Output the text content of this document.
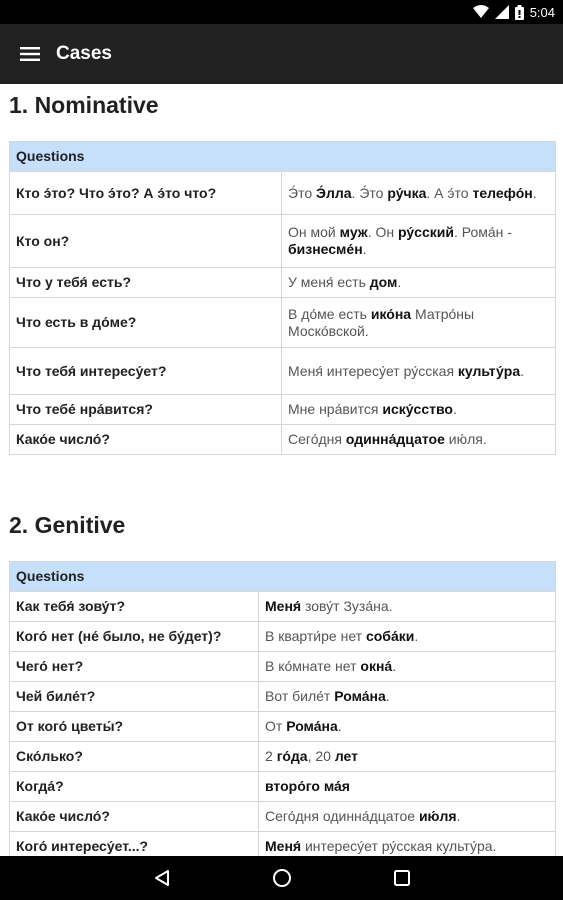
5:04
Cases
1. Nominative
Questions	
Кто э́то? Что э́то? А э́то что?	Э́то Э́лла. Э́то ру́чка. А э́то телефо́н.
Кто он?	Он мой муж. Он ру́сский. Рома́н - бизнесме́н.
Что у тебя́ есть?	У меня́ есть дом.
Что есть в до́ме?	В до́ме есть ико́на Матро́ны Моско́вской.
Что тебя́ интересу́ет?	Меня́ интересу́ет ру́сская культу́ра.
Что тебе́ нра́вится?	Мне нра́вится иску́сство.
Како́е число́?	Сего́дня одинна́дцатое ию́ля.
2. Genitive
Questions	
Как тебя́ зову́т?	Меня́ зову́т Зуза́на.
Кого́ нет (не́ было, не бу́дет)?	В кварти́ре нет соба́ки.
Чего́ нет?	В ко́мнате нет окна́.
Чей биле́т?	Вот биле́т Рома́на.
От кого́ цветы́?	От Рома́на.
Ско́лько?	2 го́да, 20 лет
Когда́?	второ́го ма́я
Како́е число́?	Сего́дня одинна́дцатое ию́ля.
Кого́ интересу́ет...?	Меня́ интересу́ет ру́сская культу́ра.
